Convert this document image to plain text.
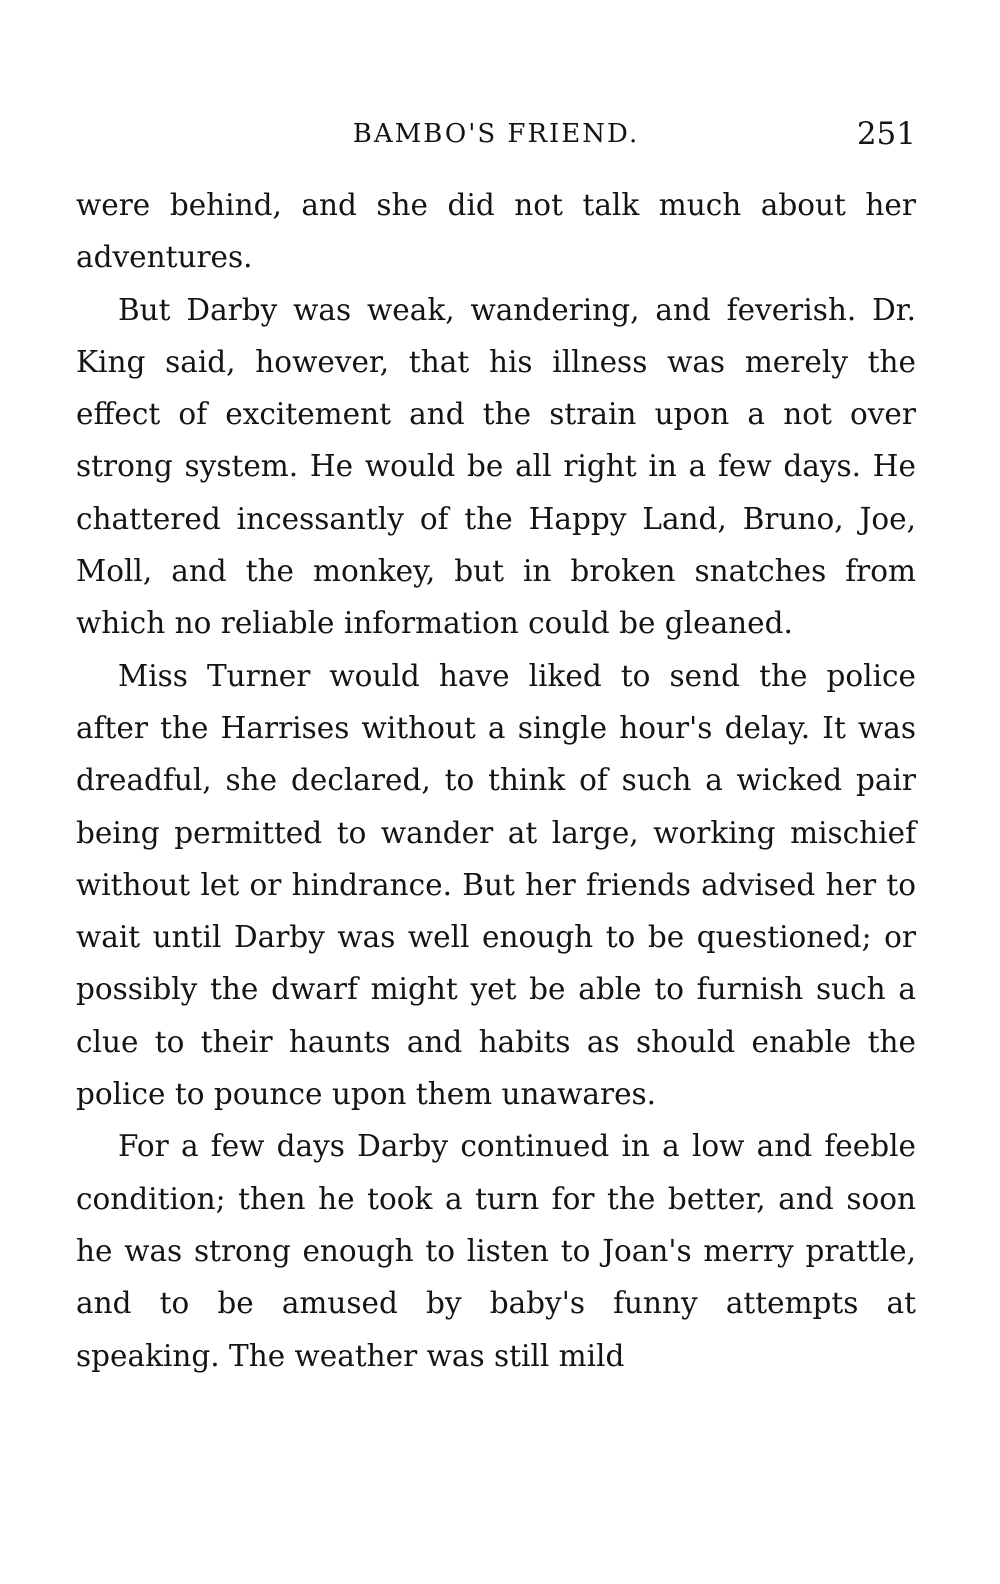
BAMBO'S FRIEND.	251

were behind, and she did not talk much about her adventures.

But Darby was weak, wandering, and feverish. Dr. King said, however, that his illness was merely the effect of excitement and the strain upon a not over strong system. He would be all right in a few days. He chattered incessantly of the Happy Land, Bruno, Joe, Moll, and the monkey, but in broken snatches from which no reliable information could be gleaned.

Miss Turner would have liked to send the police after the Harrises without a single hour's delay. It was dreadful, she declared, to think of such a wicked pair being permitted to wander at large, working mischief without let or hindrance. But her friends advised her to wait until Darby was well enough to be questioned; or possibly the dwarf might yet be able to furnish such a clue to their haunts and habits as should enable the police to pounce upon them unawares.

For a few days Darby continued in a low and feeble condition; then he took a turn for the better, and soon he was strong enough to listen to Joan's merry prattle, and to be amused by baby's funny attempts at speaking. The weather was still mild
